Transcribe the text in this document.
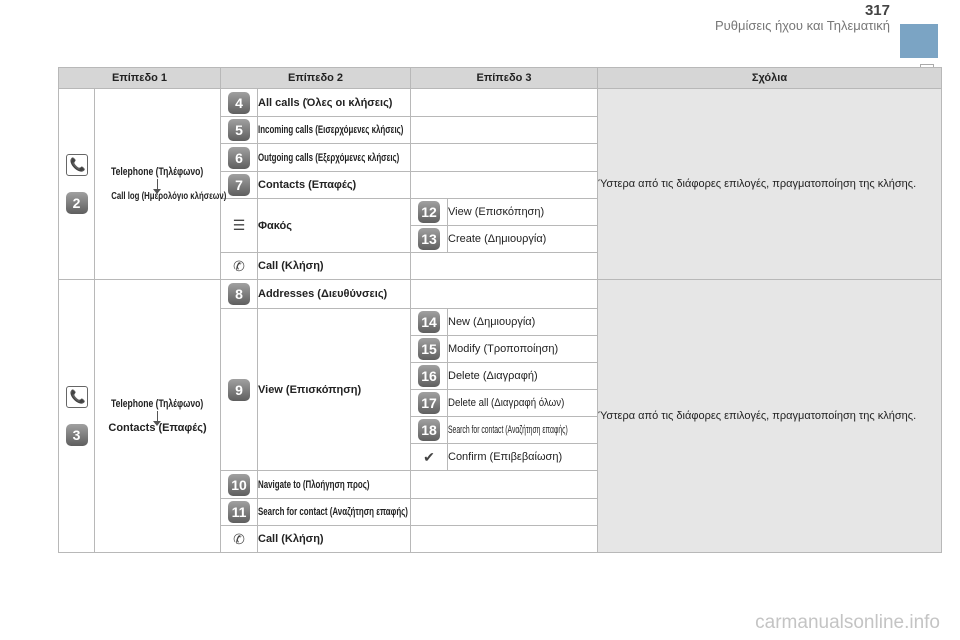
317
Ρυθμίσεις ήχου και Τηλεματική
Επίπεδο 1		Επίπεδο 2		Επίπεδο 3		Σχόλια

📞
2	Telephone (Τηλέφωνο)
Call log (Ημερολόγιο κλήσεων)	4	All calls (Όλες οι κλήσεις)			Ύστερα από τις διάφορες επιλογές, πραγματοποίηση της κλήσης.
		5	Incoming calls (Εισερχόμενες κλήσεις)			
		6	Outgoing calls (Εξερχόμενες κλήσεις)			
		7	Contacts (Επαφές)			
		☰	Φακός	12	View (Επισκόπηση)	
				13	Create (Δημιουργία)	
		✆	Call (Κλήση)			

📞
3	Telephone (Τηλέφωνο)
Contacts (Επαφές)	8	Addresses (Διευθύνσεις)			Ύστερα από τις διάφορες επιλογές, πραγματοποίηση της κλήσης.
		9	View (Επισκόπηση)	14	New (Δημιουργία)	
				15	Modify (Τροποποίηση)	
				16	Delete (Διαγραφή)	
				17	Delete all (Διαγραφή όλων)	
				18	Search for contact (Αναζήτηση επαφής)	
				✔	Confirm (Επιβεβαίωση)	
		10	Navigate to (Πλοήγηση προς)			
		11	Search for contact (Αναζήτηση επαφής)			
		✆	Call (Κλήση)			
carmanualsonline.info
